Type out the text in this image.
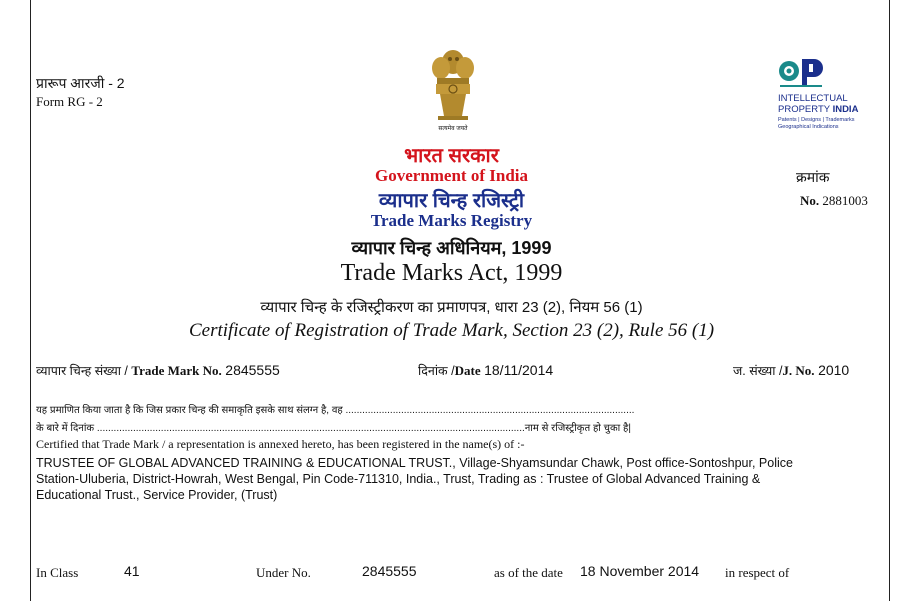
प्रारूप आरजी - 2
Form RG - 2
सत्यमेव जयते
INTELLECTUAL
PROPERTY INDIA
Patents | Designs | Trademarks
Geographical Indications
क्रमांक
No. 2881003
भारत सरकार
Government of India
व्यापार चिन्ह रजिस्ट्री
Trade Marks Registry
व्यापार चिन्ह अधिनियम, 1999
Trade Marks Act, 1999
व्यापार चिन्ह के रजिस्ट्रीकरण का प्रमाणपत्र, धारा 23 (2), नियम 56 (1)
Certificate of Registration of Trade Mark, Section 23 (2), Rule 56 (1)
व्यापार चिन्ह संख्या / Trade Mark No. 2845555	दिनांक /Date 18/11/2014	ज. संख्या /J. No. 2010
यह प्रमाणित किया जाता है कि जिस प्रकार चिन्ह की समाकृति इसके साथ संलग्न है, वह ........................................................................................................
के बारे में दिनांक ..........................................................................................................................................................नाम से रजिस्ट्रीकृत हो चुका है|
Certified that Trade Mark / a representation is annexed hereto, has been registered in the name(s) of :-
TRUSTEE OF GLOBAL ADVANCED TRAINING & EDUCATIONAL TRUST., Village-Shyamsundar Chawk, Post office-Sontoshpur, Police
Station-Uluberia, District-Howrah, West Bengal, Pin Code-711310, India., Trust, Trading as : Trustee of Global Advanced Training &
Educational Trust., Service Provider, (Trust)
In Class	41	Under No.	2845555	as of the date 18 November 2014 in respect of
